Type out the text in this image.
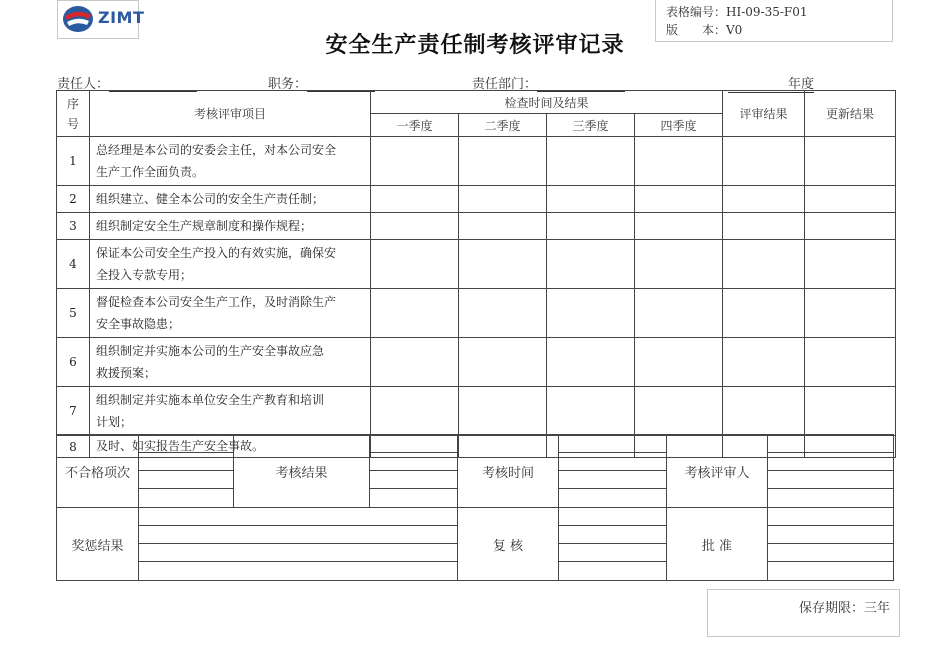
ZIMT	表格编号：HI-09-35-F01
版　　本：V0
安全生产责任制考核评审记录
责任人：	职务：	责任部门：	年度
序号	考核评审项目	检查时间及结果				评审结果	更新结果
		一季度	二季度	三季度	四季度		
1	总经理是本公司的安委会主任，对本公司安全
生产工作全面负责。						
2	组织建立、健全本公司的安全生产责任制；						
3	组织制定安全生产规章制度和操作规程；						
4	保证本公司安全生产投入的有效实施，确保安
全投入专款专用；						
5	督促检查本公司安全生产工作，及时消除生产
安全事故隐患；						
6	组织制定并实施本公司的生产安全事故应急
救援预案；						
7	组织制定并实施本单位安全生产教育和培训
计划；						
8	及时、如实报告生产安全事故。						
不合格项次		考核结果		考核时间		考核评审人	

奖惩结果				复 核		批 准	

保存期限：三年
